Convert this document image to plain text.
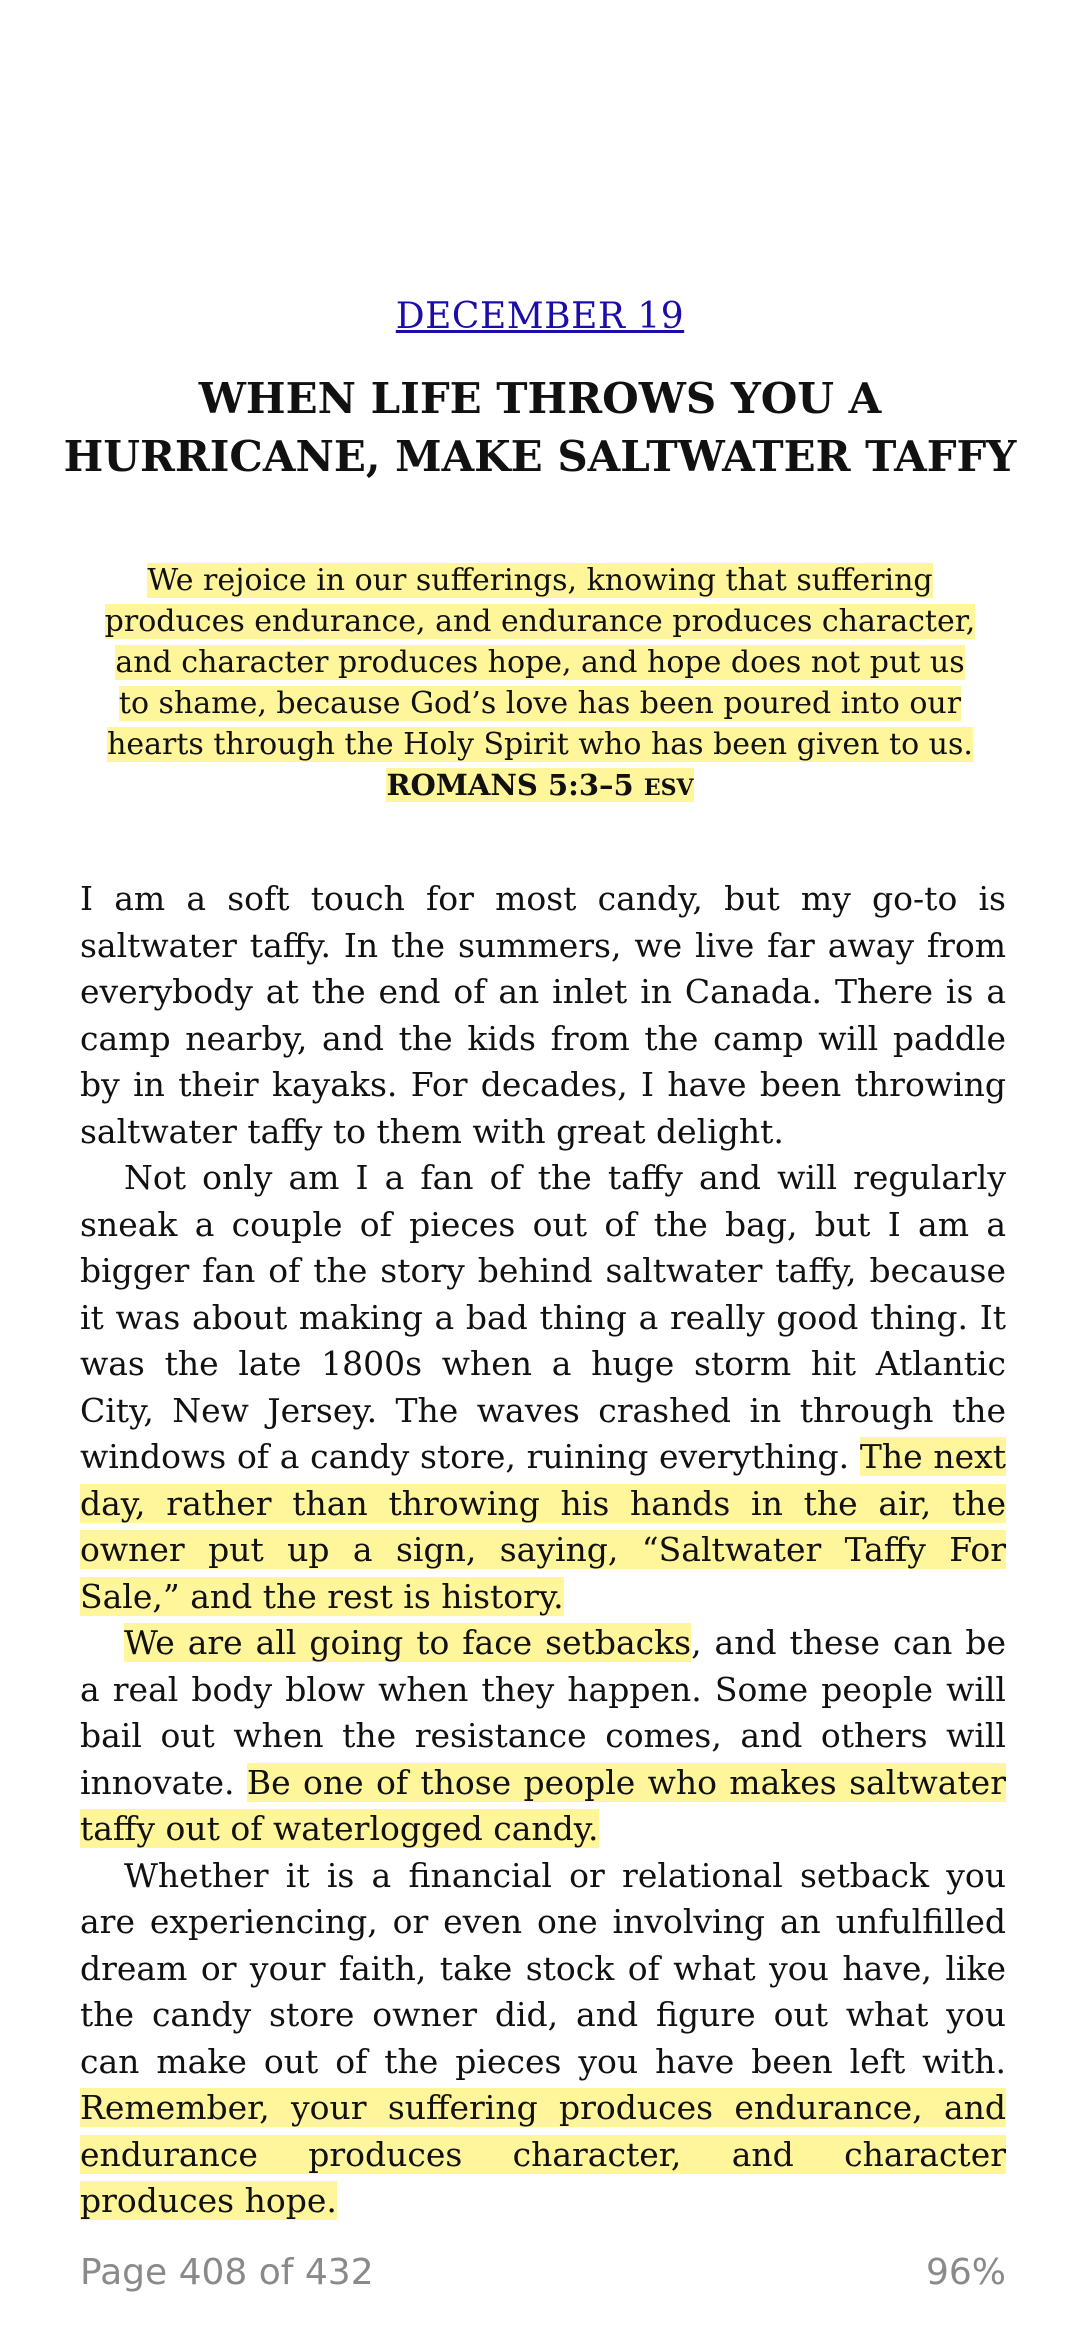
DECEMBER 19
WHEN LIFE THROWS YOU A
HURRICANE, MAKE SALTWATER TAFFY
We rejoice in our sufferings, knowing that suffering produces endurance, and endurance produces character, and character produces hope, and hope does not put us to shame, because God’s love has been poured into our hearts through the Holy Spirit who has been given to us.
ROMANS 5:3–5 ESV

I am a soft touch for most candy, but my go-to is saltwater taffy. In the summers, we live far away from everybody at the end of an inlet in Canada. There is a camp nearby, and the kids from the camp will paddle by in their kayaks. For decades, I have been throwing saltwater taffy to them with great delight.

Not only am I a fan of the taffy and will regularly sneak a couple of pieces out of the bag, but I am a bigger fan of the story behind saltwater taffy, because it was about making a bad thing a really good thing. It was the late 1800s when a huge storm hit Atlantic City, New Jersey. The waves crashed in through the windows of a candy store, ruining everything. The next day, rather than throwing his hands in the air, the owner put up a sign, saying, “Saltwater Taffy For Sale,” and the rest is history.

We are all going to face setbacks, and these can be a real body blow when they happen. Some people will bail out when the resistance comes, and others will innovate. Be one of those people who makes saltwater taffy out of waterlogged candy.

Whether it is a financial or relational setback you are experiencing, or even one involving an unfulfilled dream or your faith, take stock of what you have, like the candy store owner did, and figure out what you can make out of the pieces you have been left with. Remember, your suffering produces endurance, and endurance produces character, and character produces hope.

Page 408 of 432	96%
